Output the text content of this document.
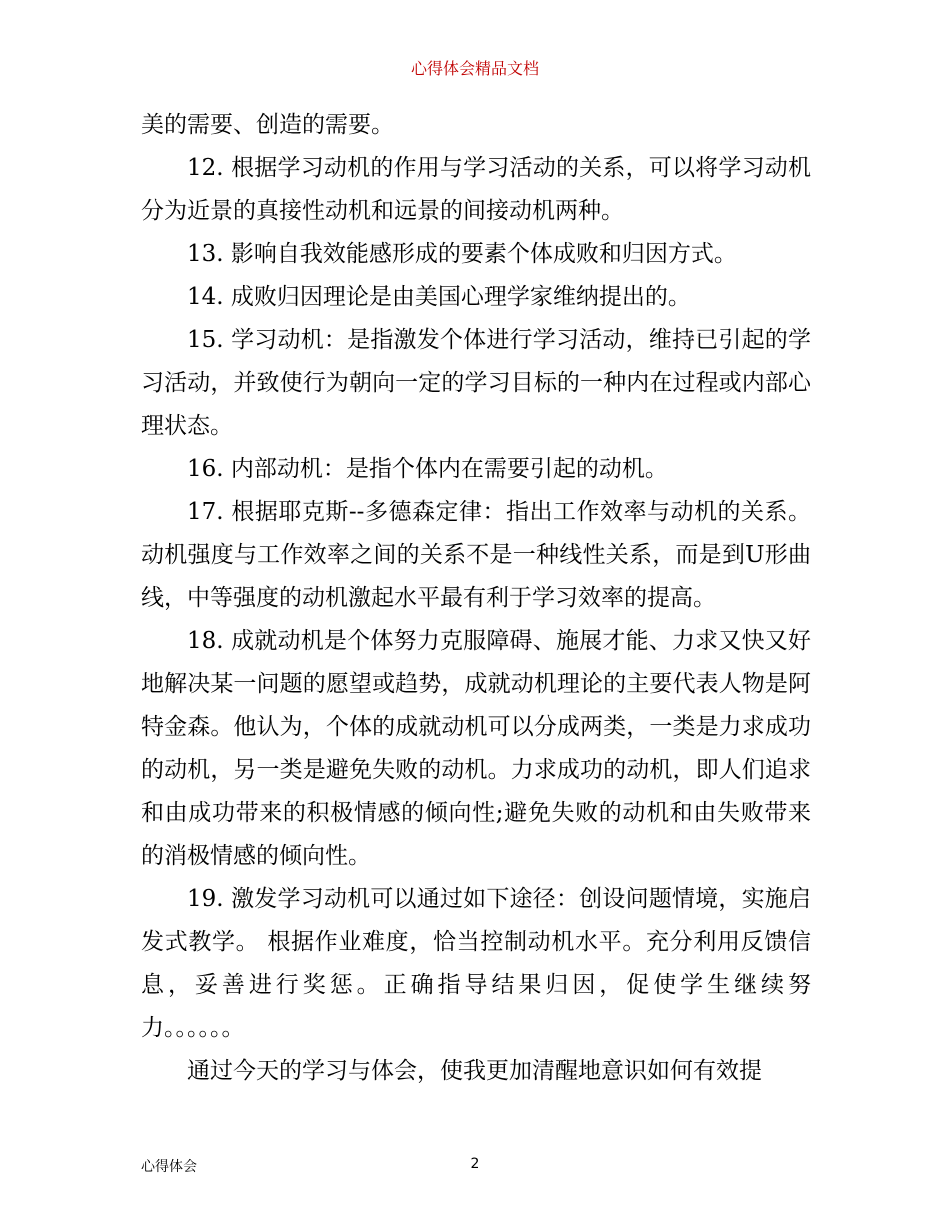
心得体会精品文档

美的需要、创造的需要。

12. 根据学习动机的作用与学习活动的关系，可以将学习动机分为近景的真接性动机和远景的间接动机两种。

13. 影响自我效能感形成的要素个体成败和归因方式。

14. 成败归因理论是由美国心理学家维纳提出的。

15. 学习动机：是指激发个体进行学习活动，维持已引起的学习活动，并致使行为朝向一定的学习目标的一种内在过程或内部心理状态。

16. 内部动机：是指个体内在需要引起的动机。

17. 根据耶克斯--多德森定律：指出工作效率与动机的关系。动机强度与工作效率之间的关系不是一种线性关系，而是到U形曲线，中等强度的动机激起水平最有利于学习效率的提高。

18. 成就动机是个体努力克服障碍、施展才能、力求又快又好地解决某一问题的愿望或趋势，成就动机理论的主要代表人物是阿特金森。他认为，个体的成就动机可以分成两类，一类是力求成功的动机，另一类是避免失败的动机。力求成功的动机，即人们追求和由成功带来的积极情感的倾向性;避免失败的动机和由失败带来的消极情感的倾向性。

19. 激发学习动机可以通过如下途径：创设问题情境，实施启发式教学。 根据作业难度，恰当控制动机水平。充分利用反馈信息，妥善进行奖惩。正确指导结果归因，促使学生继续努力。。。。。。

通过今天的学习与体会，使我更加清醒地意识如何有效提

心得体会	2
